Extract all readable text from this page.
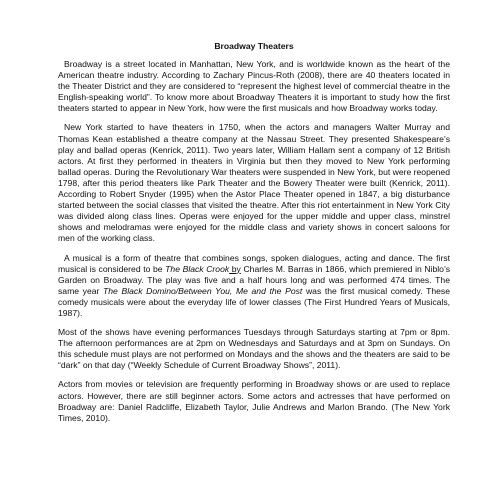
Broadway Theaters

Broadway is a street located in Manhattan, New York, and is worldwide known as the heart of the American theatre industry. According to Zachary Pincus-Roth (2008), there are 40 theaters located in the Theater District and they are considered to “represent the highest level of commercial theatre in the English-speaking world”. To know more about Broadway Theaters it is important to study how the first theaters started to appear in New York, how were the first musicals and how Broadway works today.

New York started to have theaters in 1750, when the actors and managers Walter Murray and Thomas Kean established a theatre company at the Nassau Street. They presented Shakespeare’s play and ballad operas (Kenrick, 2011). Two years later, William Hallam sent a company of 12 British actors. At first they performed in theaters in Virginia but then they moved to New York performing ballad operas. During the Revolutionary War theaters were suspended in New York, but were reopened 1798, after this period theaters like Park Theater and the Bowery Theater were built (Kenrick, 2011). According to Robert Snyder (1995) when the Astor Place Theater opened in 1847, a big disturbance started between the social classes that visited the theatre. After this riot entertainment in New York City was divided along class lines. Operas were enjoyed for the upper middle and upper class, minstrel shows and melodramas were enjoyed for the middle class and variety shows in concert saloons for men of the working class.

A musical is a form of theatre that combines songs, spoken dialogues, acting and dance. The first musical is considered to be The Black Crook by Charles M. Barras in 1866, which premiered in Niblo’s Garden on Broadway. The play was five and a half hours long and was performed 474 times. The same year The Black Domino/Between You, Me and the Post was the first musical comedy. These comedy musicals were about the everyday life of lower classes (The First Hundred Years of Musicals, 1987).

Most of the shows have evening performances Tuesdays through Saturdays starting at 7pm or 8pm. The afternoon performances are at 2pm on Wednesdays and Saturdays and at 3pm on Sundays. On this schedule must plays are not performed on Mondays and the shows and the theaters are said to be “dark” on that day (“Weekly Schedule of Current Broadway Shows”, 2011).

Actors from movies or television are frequently performing in Broadway shows or are used to replace actors. However, there are still beginner actors. Some actors and actresses that have performed on Broadway are: Daniel Radcliffe, Elizabeth Taylor, Julie Andrews and Marlon Brando. (The New York Times, 2010).
